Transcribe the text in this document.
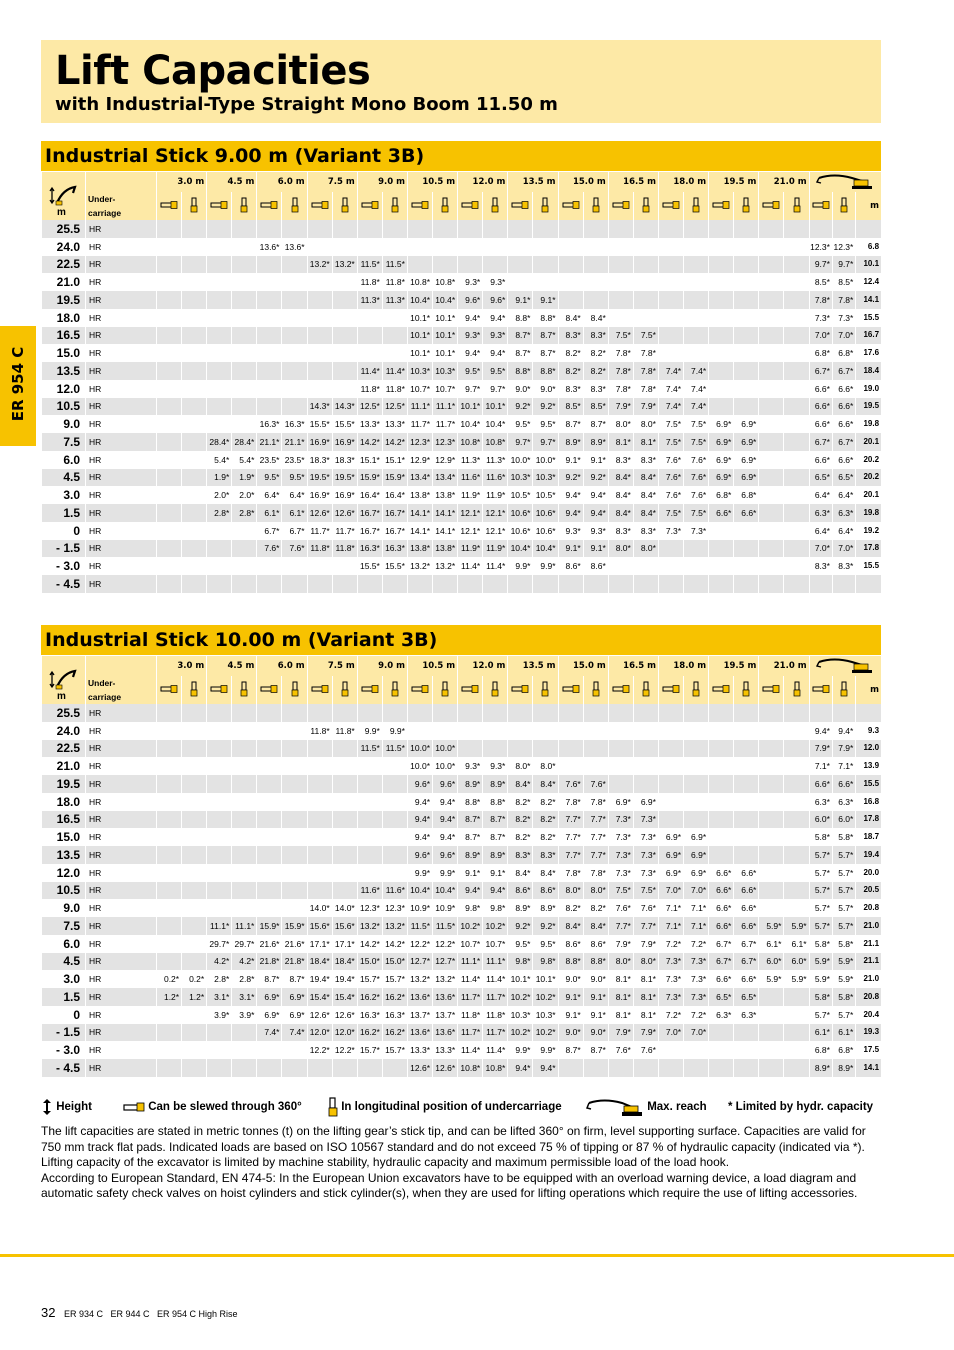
Lift Capacities
with Industrial-Type Straight Mono Boom 11.50 m
ER 954 C
Industrial Stick 9.00 m (Variant 3B)
		3.0 m		4.5 m		6.0 m		7.5 m		9.0 m		10.5 m		12.0 m		13.5 m		15.0 m		16.5 m		18.0 m		19.5 m		21.0 m	
	Under-
carriage																													m
25.5	HR																													
24.0	HR					13.6*	13.6*																					12.3*	12.3*	6.8
22.5	HR							13.2*	13.2*	11.5*	11.5*																	9.7*	9.7*	10.1
21.0	HR									11.8*	11.8*	10.8*	10.8*	9.3*	9.3*													8.5*	8.5*	12.4
19.5	HR									11.3*	11.3*	10.4*	10.4*	9.6*	9.6*	9.1*	9.1*											7.8*	7.8*	14.1
18.0	HR											10.1*	10.1*	9.4*	9.4*	8.8*	8.8*	8.4*	8.4*									7.3*	7.3*	15.5
16.5	HR											10.1*	10.1*	9.3*	9.3*	8.7*	8.7*	8.3*	8.3*	7.5*	7.5*							7.0*	7.0*	16.7
15.0	HR											10.1*	10.1*	9.4*	9.4*	8.7*	8.7*	8.2*	8.2*	7.8*	7.8*							6.8*	6.8*	17.6
13.5	HR									11.4*	11.4*	10.3*	10.3*	9.5*	9.5*	8.8*	8.8*	8.2*	8.2*	7.8*	7.8*	7.4*	7.4*					6.7*	6.7*	18.4
12.0	HR									11.8*	11.8*	10.7*	10.7*	9.7*	9.7*	9.0*	9.0*	8.3*	8.3*	7.8*	7.8*	7.4*	7.4*					6.6*	6.6*	19.0
10.5	HR							14.3*	14.3*	12.5*	12.5*	11.1*	11.1*	10.1*	10.1*	9.2*	9.2*	8.5*	8.5*	7.9*	7.9*	7.4*	7.4*					6.6*	6.6*	19.5
9.0	HR					16.3*	16.3*	15.5*	15.5*	13.3*	13.3*	11.7*	11.7*	10.4*	10.4*	9.5*	9.5*	8.7*	8.7*	8.0*	8.0*	7.5*	7.5*	6.9*	6.9*			6.6*	6.6*	19.8
7.5	HR			28.4*	28.4*	21.1*	21.1*	16.9*	16.9*	14.2*	14.2*	12.3*	12.3*	10.8*	10.8*	9.7*	9.7*	8.9*	8.9*	8.1*	8.1*	7.5*	7.5*	6.9*	6.9*			6.7*	6.7*	20.1
6.0	HR			5.4*	5.4*	23.5*	23.5*	18.3*	18.3*	15.1*	15.1*	12.9*	12.9*	11.3*	11.3*	10.0*	10.0*	9.1*	9.1*	8.3*	8.3*	7.6*	7.6*	6.9*	6.9*			6.6*	6.6*	20.2
4.5	HR			1.9*	1.9*	9.5*	9.5*	19.5*	19.5*	15.9*	15.9*	13.4*	13.4*	11.6*	11.6*	10.3*	10.3*	9.2*	9.2*	8.4*	8.4*	7.6*	7.6*	6.9*	6.9*			6.5*	6.5*	20.2
3.0	HR			2.0*	2.0*	6.4*	6.4*	16.9*	16.9*	16.4*	16.4*	13.8*	13.8*	11.9*	11.9*	10.5*	10.5*	9.4*	9.4*	8.4*	8.4*	7.6*	7.6*	6.8*	6.8*			6.4*	6.4*	20.1
1.5	HR			2.8*	2.8*	6.1*	6.1*	12.6*	12.6*	16.7*	16.7*	14.1*	14.1*	12.1*	12.1*	10.6*	10.6*	9.4*	9.4*	8.4*	8.4*	7.5*	7.5*	6.6*	6.6*			6.3*	6.3*	19.8
0	HR					6.7*	6.7*	11.7*	11.7*	16.7*	16.7*	14.1*	14.1*	12.1*	12.1*	10.6*	10.6*	9.3*	9.3*	8.3*	8.3*	7.3*	7.3*					6.4*	6.4*	19.2
- 1.5	HR					7.6*	7.6*	11.8*	11.8*	16.3*	16.3*	13.8*	13.8*	11.9*	11.9*	10.4*	10.4*	9.1*	9.1*	8.0*	8.0*							7.0*	7.0*	17.8
- 3.0	HR									15.5*	15.5*	13.2*	13.2*	11.4*	11.4*	9.9*	9.9*	8.6*	8.6*									8.3*	8.3*	15.5
- 4.5	HR																													
Industrial Stick 10.00 m (Variant 3B)
		3.0 m		4.5 m		6.0 m		7.5 m		9.0 m		10.5 m		12.0 m		13.5 m		15.0 m		16.5 m		18.0 m		19.5 m		21.0 m	
	Under-
carriage																													m
25.5	HR																													
24.0	HR							11.8*	11.8*	9.9*	9.9*																	9.4*	9.4*	9.3
22.5	HR									11.5*	11.5*	10.0*	10.0*															7.9*	7.9*	12.0
21.0	HR											10.0*	10.0*	9.3*	9.3*	8.0*	8.0*											7.1*	7.1*	13.9
19.5	HR											9.6*	9.6*	8.9*	8.9*	8.4*	8.4*	7.6*	7.6*									6.6*	6.6*	15.5
18.0	HR											9.4*	9.4*	8.8*	8.8*	8.2*	8.2*	7.8*	7.8*	6.9*	6.9*							6.3*	6.3*	16.8
16.5	HR											9.4*	9.4*	8.7*	8.7*	8.2*	8.2*	7.7*	7.7*	7.3*	7.3*							6.0*	6.0*	17.8
15.0	HR											9.4*	9.4*	8.7*	8.7*	8.2*	8.2*	7.7*	7.7*	7.3*	7.3*	6.9*	6.9*					5.8*	5.8*	18.7
13.5	HR											9.6*	9.6*	8.9*	8.9*	8.3*	8.3*	7.7*	7.7*	7.3*	7.3*	6.9*	6.9*					5.7*	5.7*	19.4
12.0	HR											9.9*	9.9*	9.1*	9.1*	8.4*	8.4*	7.8*	7.8*	7.3*	7.3*	6.9*	6.9*	6.6*	6.6*			5.7*	5.7*	20.0
10.5	HR									11.6*	11.6*	10.4*	10.4*	9.4*	9.4*	8.6*	8.6*	8.0*	8.0*	7.5*	7.5*	7.0*	7.0*	6.6*	6.6*			5.7*	5.7*	20.5
9.0	HR							14.0*	14.0*	12.3*	12.3*	10.9*	10.9*	9.8*	9.8*	8.9*	8.9*	8.2*	8.2*	7.6*	7.6*	7.1*	7.1*	6.6*	6.6*			5.7*	5.7*	20.8
7.5	HR			11.1*	11.1*	15.9*	15.9*	15.6*	15.6*	13.2*	13.2*	11.5*	11.5*	10.2*	10.2*	9.2*	9.2*	8.4*	8.4*	7.7*	7.7*	7.1*	7.1*	6.6*	6.6*	5.9*	5.9*	5.7*	5.7*	21.0
6.0	HR			29.7*	29.7*	21.6*	21.6*	17.1*	17.1*	14.2*	14.2*	12.2*	12.2*	10.7*	10.7*	9.5*	9.5*	8.6*	8.6*	7.9*	7.9*	7.2*	7.2*	6.7*	6.7*	6.1*	6.1*	5.8*	5.8*	21.1
4.5	HR			4.2*	4.2*	21.8*	21.8*	18.4*	18.4*	15.0*	15.0*	12.7*	12.7*	11.1*	11.1*	9.8*	9.8*	8.8*	8.8*	8.0*	8.0*	7.3*	7.3*	6.7*	6.7*	6.0*	6.0*	5.9*	5.9*	21.1
3.0	HR	0.2*	0.2*	2.8*	2.8*	8.7*	8.7*	19.4*	19.4*	15.7*	15.7*	13.2*	13.2*	11.4*	11.4*	10.1*	10.1*	9.0*	9.0*	8.1*	8.1*	7.3*	7.3*	6.6*	6.6*	5.9*	5.9*	5.9*	5.9*	21.0
1.5	HR	1.2*	1.2*	3.1*	3.1*	6.9*	6.9*	15.4*	15.4*	16.2*	16.2*	13.6*	13.6*	11.7*	11.7*	10.2*	10.2*	9.1*	9.1*	8.1*	8.1*	7.3*	7.3*	6.5*	6.5*			5.8*	5.8*	20.8
0	HR			3.9*	3.9*	6.9*	6.9*	12.6*	12.6*	16.3*	16.3*	13.7*	13.7*	11.8*	11.8*	10.3*	10.3*	9.1*	9.1*	8.1*	8.1*	7.2*	7.2*	6.3*	6.3*			5.7*	5.7*	20.4
- 1.5	HR					7.4*	7.4*	12.0*	12.0*	16.2*	16.2*	13.6*	13.6*	11.7*	11.7*	10.2*	10.2*	9.0*	9.0*	7.9*	7.9*	7.0*	7.0*					6.1*	6.1*	19.3
- 3.0	HR							12.2*	12.2*	15.7*	15.7*	13.3*	13.3*	11.4*	11.4*	9.9*	9.9*	8.7*	8.7*	7.6*	7.6*							6.8*	6.8*	17.5
- 4.5	HR											12.6*	12.6*	10.8*	10.8*	9.4*	9.4*											8.9*	8.9*	14.1
Height	Can be slewed through 360°	In longitudinal position of undercarriage	Max. reach * Limited by hydr. capacity

The lift capacities are stated in metric tonnes (t) on the lifting gear’s stick tip, and can be lifted 360° on firm, level supporting surface. Capacities are valid for 750 mm track flat pads. Indicated loads are based on ISO 10567 standard and do not exceed 75 % of tipping or 87 % of hydraulic capacity (indicated via *). Lifting capacity of the excavator is limited by machine stability, hydraulic capacity and maximum permissible load of the load hook.

According to European Standard, EN 474-5: In the European Union excavators have to be equipped with an overload warning device, a load diagram and automatic safety check valves on hoist cylinders and stick cylinder(s), when they are used for lifting operations which require the use of lifting accessories.

32 ER 934 C   ER 944 C   ER 954 C High Rise
m
m
